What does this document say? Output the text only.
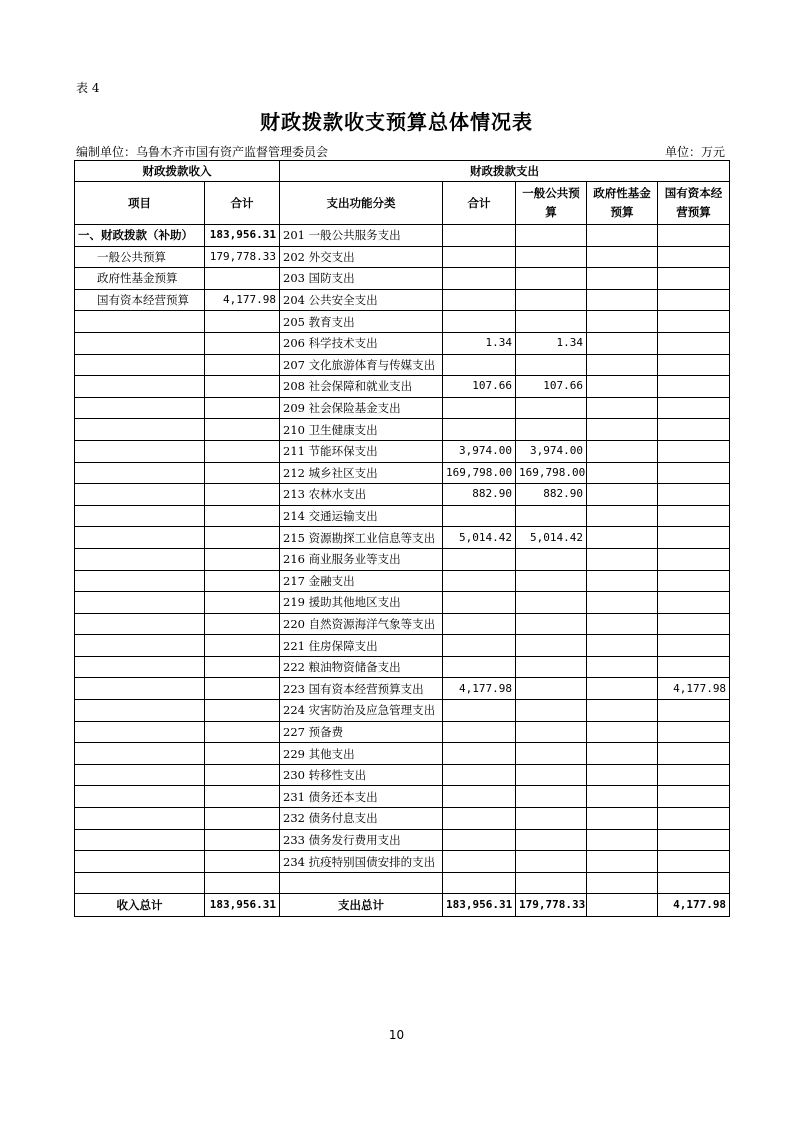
表 4
财政拨款收支预算总体情况表
编制单位：乌鲁木齐市国有资产监督管理委员会	单位：万元
财政拨款收入		财政拨款支出				
项目	合计	支出功能分类	合计	一般公共预算	政府性基金预算	国有资本经营预算
一、财政拨款（补助）	183,956.31	201 一般公共服务支出				
一般公共预算	179,778.33	202 外交支出				
政府性基金预算		203 国防支出				
国有资本经营预算	4,177.98	204 公共安全支出				
		205 教育支出				
		206 科学技术支出	1.34	1.34		
		207 文化旅游体育与传媒支出				
		208 社会保障和就业支出	107.66	107.66		
		209 社会保险基金支出				
		210 卫生健康支出				
		211 节能环保支出	3,974.00	3,974.00		
		212 城乡社区支出	169,798.00	169,798.00		
		213 农林水支出	882.90	882.90		
		214 交通运输支出				
		215 资源勘探工业信息等支出	5,014.42	5,014.42		
		216 商业服务业等支出				
		217 金融支出				
		219 援助其他地区支出				
		220 自然资源海洋气象等支出				
		221 住房保障支出				
		222 粮油物资储备支出				
		223 国有资本经营预算支出	4,177.98			4,177.98
		224 灾害防治及应急管理支出				
		227 预备费				
		229 其他支出				
		230 转移性支出				
		231 债务还本支出				
		232 债务付息支出				
		233 债务发行费用支出				
		234 抗疫特别国债安排的支出				

收入总计	183,956.31	支出总计	183,956.31	179,778.33		4,177.98
10
